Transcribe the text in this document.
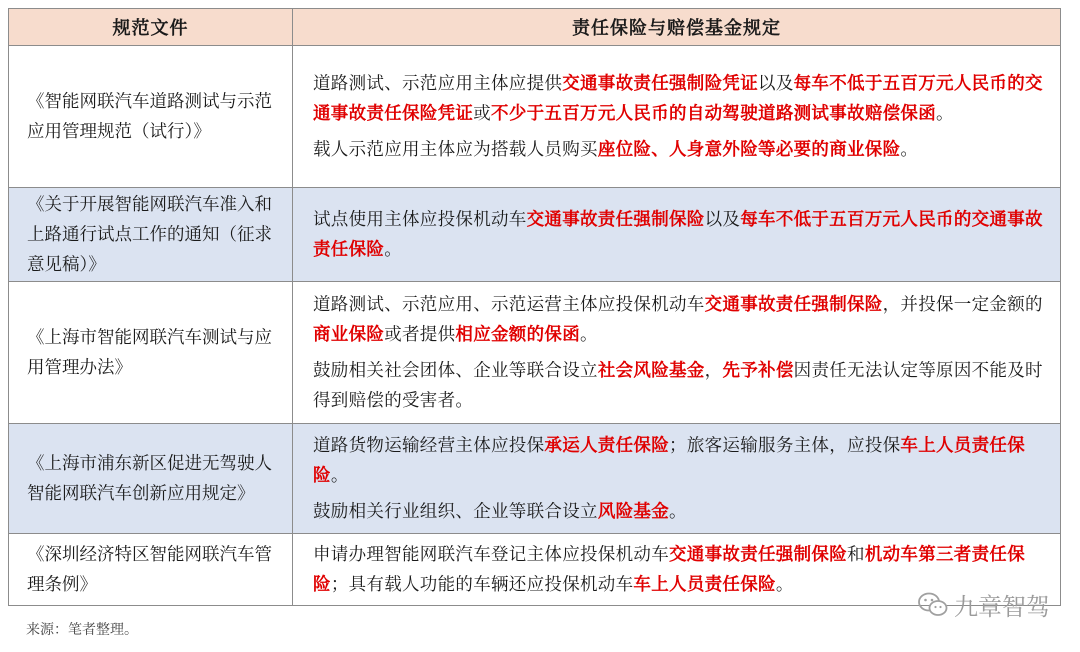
规范文件	责任保险与赔偿基金规定
《智能网联汽车道路测试与示范应用管理规范（试行）》	道路测试、示范应用主体应提供交通事故责任强制险凭证以及每车不低于五百万元人民币的交通事故责任保险凭证或不少于五百万元人民币的自动驾驶道路测试事故赔偿保函。

载人示范应用主体应为搭载人员购买座位险、人身意外险等必要的商业保险。

《关于开展智能网联汽车准入和上路通行试点工作的通知（征求意见稿）》	试点使用主体应投保机动车交通事故责任强制保险以及每车不低于五百万元人民币的交通事故责任保险。

《上海市智能网联汽车测试与应用管理办法》	道路测试、示范应用、示范运营主体应投保机动车交通事故责任强制保险，并投保一定金额的商业保险或者提供相应金额的保函。

鼓励相关社会团体、企业等联合设立社会风险基金，先予补偿因责任无法认定等原因不能及时得到赔偿的受害者。

《上海市浦东新区促进无驾驶人智能网联汽车创新应用规定》	道路货物运输经营主体应投保承运人责任保险；旅客运输服务主体，应投保车上人员责任保险。

鼓励相关行业组织、企业等联合设立风险基金。

《深圳经济特区智能网联汽车管理条例》	申请办理智能网联汽车登记主体应投保机动车交通事故责任强制保险和机动车第三者责任保险；具有载人功能的车辆还应投保机动车车上人员责任保险。

来源：笔者整理。
九章智驾
